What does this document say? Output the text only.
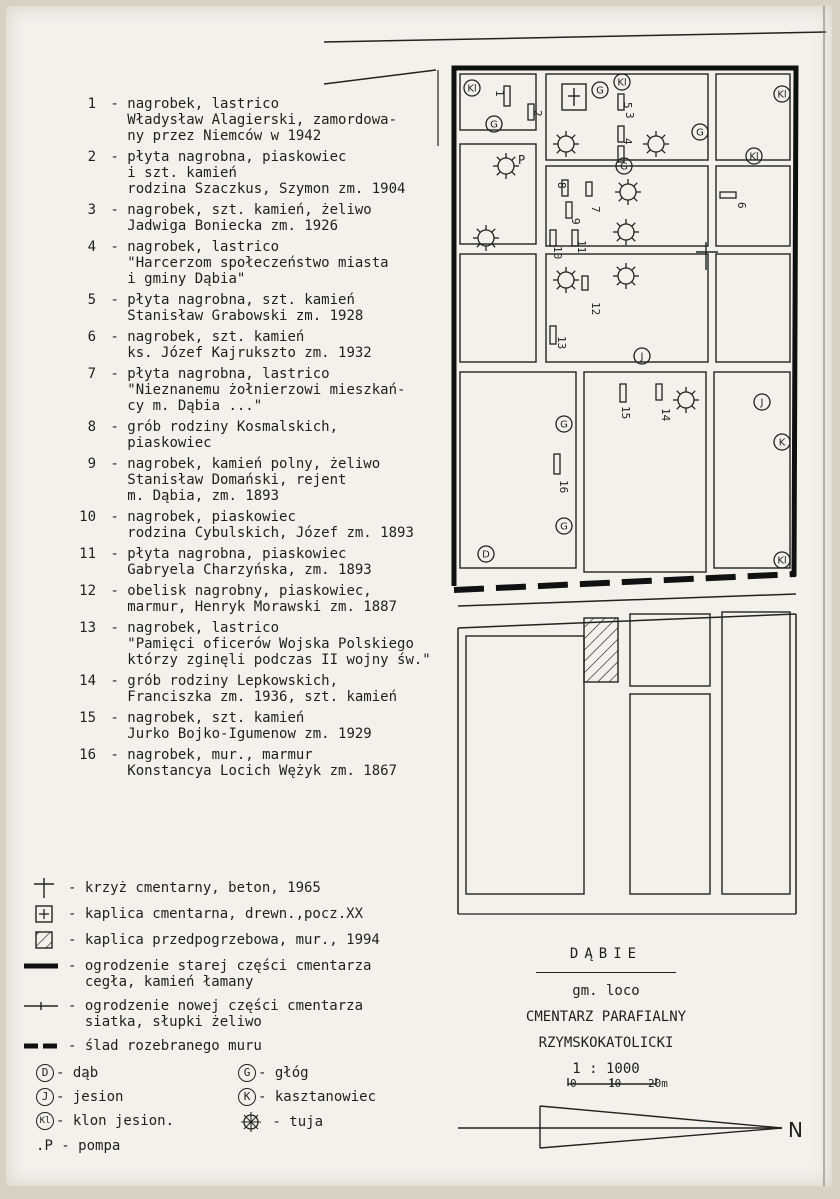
1
2	3
4
5
6
7
8
9
10 11
12
13
14
15
16
Kl	G
Kl
G
G
Kl
Kl
G
J
J
K
G
G
D
Kl
P
1 - nagrobek, lastrico
Władysław Alagierski, zamordowa-
ny przez Niemców w 1942
2 - płyta nagrobna, piaskowiec
i szt. kamień
rodzina Szaczkus, Szymon zm. 1904
3 - nagrobek, szt. kamień, żeliwo
Jadwiga Boniecka zm. 1926
4 - nagrobek, lastrico
"Harcerzom społeczeństwo miasta
i gminy Dąbia"
5 - płyta nagrobna, szt. kamień
Stanisław Grabowski zm. 1928
6 - nagrobek, szt. kamień
ks. Józef Kajrukszto zm. 1932
7 - płyta nagrobna, lastrico
"Nieznanemu żołnierzowi mieszkań-
cy m. Dąbia ..."
8 - grób rodziny Kosmalskich,
piaskowiec
9 - nagrobek, kamień polny, żeliwo
Stanisław Domański, rejent
m. Dąbia, zm. 1893
10 - nagrobek, piaskowiec
rodzina Cybulskich, Józef zm. 1893
11 - płyta nagrobna, piaskowiec
Gabryela Charzyńska, zm. 1893
12 - obelisk nagrobny, piaskowiec,
marmur, Henryk Morawski zm. 1887
13 - nagrobek, lastrico
"Pamięci oficerów Wojska Polskiego
którzy zginęli podczas II wojny św."
14 - grób rodziny Lepkowskich,
Franciszka zm. 1936, szt. kamień
15 - nagrobek, szt. kamień
Jurko Bojko-Igumenow zm. 1929
16 - nagrobek, mur., marmur
Konstancya Locich Wężyk zm. 1867
- krzyż cmentarny, beton, 1965
- kaplica cmentarna, drewn.,pocz.XX
- kaplica przedpogrzebowa, mur., 1994
- ogrodzenie starej części cmentarza
cegła, kamień łamany
- ogrodzenie nowej części cmentarza
siatka, słupki żeliwo
- ślad rozebranego muru
D - dąb
J - jesion
Kl - klon jesion.
.P - pompa
G - głóg
K - kasztanowiec
- tuja
DĄBIE
gm. loco
CMENTARZ PARAFIALNY
RZYMSKOKATOLICKI
1 : 1000
0	10 20m
N
